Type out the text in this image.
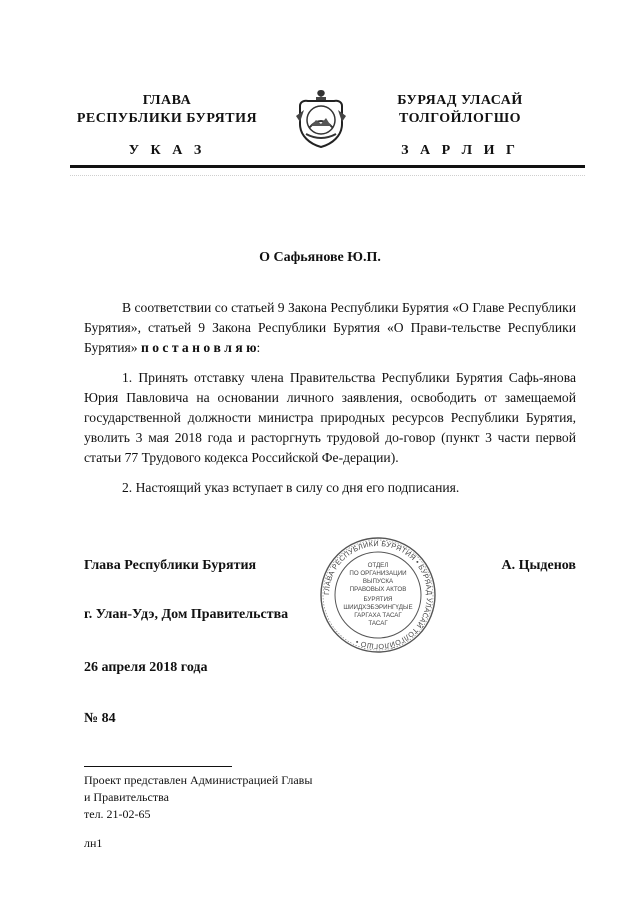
ГЛАВА
РЕСПУБЛИКИ БУРЯТИЯ
У К А З
БУРЯАД УЛАСАЙ
ТОЛГОЙЛОГШО
З А Р Л И Г
О Сафьянове Ю.П.

В соответствии со статьей 9 Закона Республики Бурятия «О Главе Республики Бурятия», статьей 9 Закона Республики Бурятия «О Прави-тельстве Республики Бурятия» п о с т а н о в л я ю:

1. Принять отставку члена Правительства Республики Бурятия Сафь-янова Юрия Павловича на основании личного заявления, освободить от замещаемой государственной должности министра природных ресурсов Республики Бурятия, уволить 3 мая 2018 года и расторгнуть трудовой до-говор (пункт 3 части первой статьи 77 Трудового кодекса Российской Фе-дерации).

2. Настоящий указ вступает в силу со дня его подписания.

Глава Республики Бурятия	А. Цыденов
г. Улан-Удэ, Дом Правительства
26 апреля 2018 года
№ 84
ГЛАВА РЕСПУБЛИКИ БУРЯТИЯ • БУРЯАД УЛАСАЙ ТОЛГОЙЛОГШО •
ОТДЕЛ
ПО ОРГАНИЗАЦИИ
ВЫПУСКА
ПРАВОВЫХ АКТОВ
БУРЯТИЯ
ШИИДХЭБЭРИНГҮДЫЕ
ГАРГАХА ТАСАГ
ТАСАГ
Проект представлен Администрацией Главы
и Правительства
тел. 21-02-65
лн1
